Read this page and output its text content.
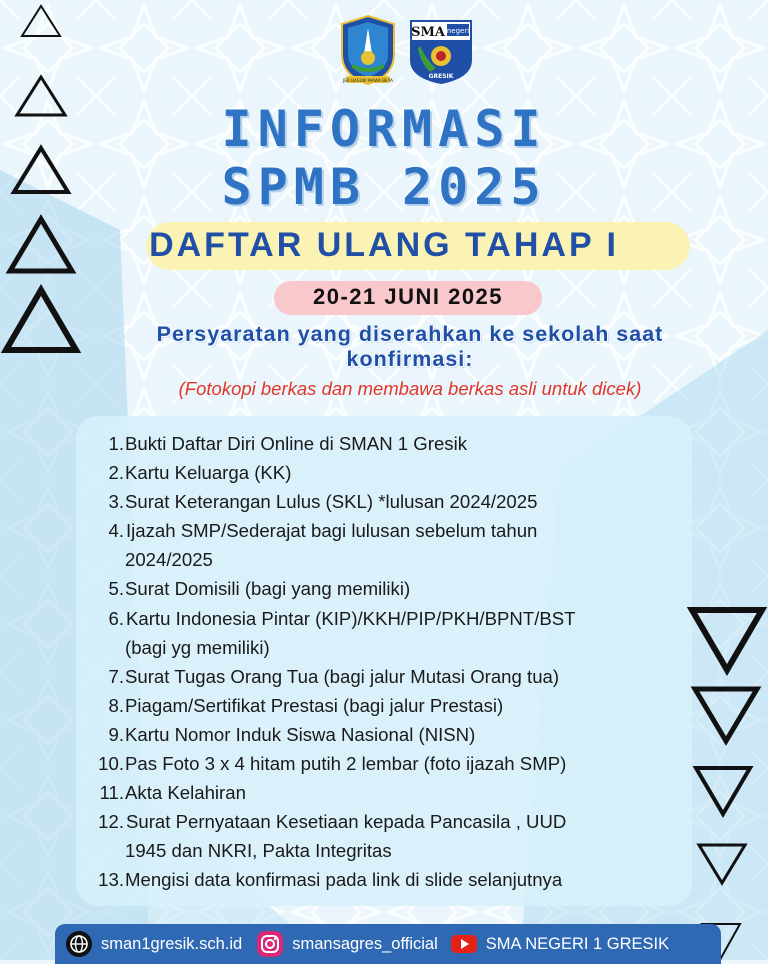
JER BASUKI MAWA BEYA
SMA negeri
GRESIK
INFORMASI
SPMB 2025
DAFTAR ULANG TAHAP I
20-21 JUNI 2025
Persyaratan yang diserahkan ke sekolah saat
konfirmasi:
(Fotokopi berkas dan membawa berkas asli untuk dicek)
1. Bukti Daftar Diri Online di SMAN 1 Gresik
2. Kartu Keluarga (KK)
3. Surat Keterangan Lulus (SKL) *lulusan 2024/2025
4. Ijazah SMP/Sederajat bagi lulusan sebelum tahun
2024/2025
5. Surat Domisili (bagi yang memiliki)
6. Kartu Indonesia Pintar (KIP)/KKH/PIP/PKH/BPNT/BST
(bagi yg memiliki)
7. Surat Tugas Orang Tua (bagi jalur Mutasi Orang tua)
8. Piagam/Sertifikat Prestasi (bagi jalur Prestasi)
9. Kartu Nomor Induk Siswa Nasional (NISN)
10. Pas Foto 3 x 4 hitam putih 2 lembar (foto ijazah SMP)
11. Akta Kelahiran
12. Surat Pernyataan Kesetiaan kepada Pancasila , UUD
1945 dan NKRI, Pakta Integritas
13. Mengisi data konfirmasi pada link di slide selanjutnya
sman1gresik.sch.id	smansagres_official	SMA NEGERI 1 GRESIK
